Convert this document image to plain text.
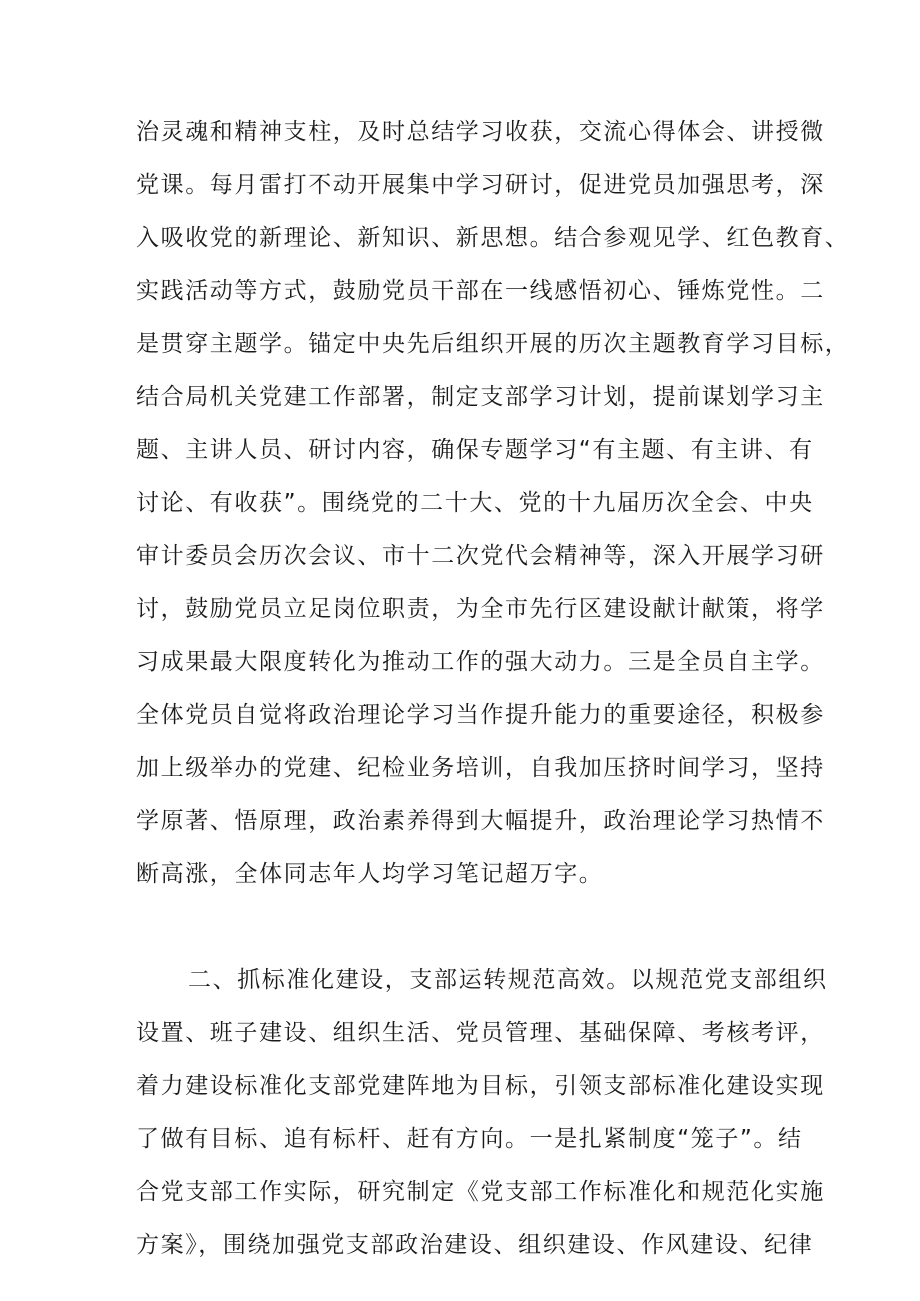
治灵魂和精神支柱，及时总结学习收获，交流心得体会、讲授微
党课。每月雷打不动开展集中学习研讨，促进党员加强思考，深
入吸收党的新理论、新知识、新思想。结合参观见学、红色教育、
实践活动等方式，鼓励党员干部在一线感悟初心、锤炼党性。二
是贯穿主题学。锚定中央先后组织开展的历次主题教育学习目标，
结合局机关党建工作部署，制定支部学习计划，提前谋划学习主
题、主讲人员、研讨内容，确保专题学习“有主题、有主讲、有
讨论、有收获”。围绕党的二十大、党的十九届历次全会、中央
审计委员会历次会议、市十二次党代会精神等，深入开展学习研
讨，鼓励党员立足岗位职责，为全市先行区建设献计献策，将学
习成果最大限度转化为推动工作的强大动力。三是全员自主学。
全体党员自觉将政治理论学习当作提升能力的重要途径，积极参
加上级举办的党建、纪检业务培训，自我加压挤时间学习，坚持
学原著、悟原理，政治素养得到大幅提升，政治理论学习热情不
断高涨，全体同志年人均学习笔记超万字。
二、抓标准化建设，支部运转规范高效。以规范党支部组织
设置、班子建设、组织生活、党员管理、基础保障、考核考评，
着力建设标准化支部党建阵地为目标，引领支部标准化建设实现
了做有目标、追有标杆、赶有方向。一是扎紧制度“笼子”。结
合党支部工作实际，研究制定《党支部工作标准化和规范化实施
方案》，围绕加强党支部政治建设、组织建设、作风建设、纪律
